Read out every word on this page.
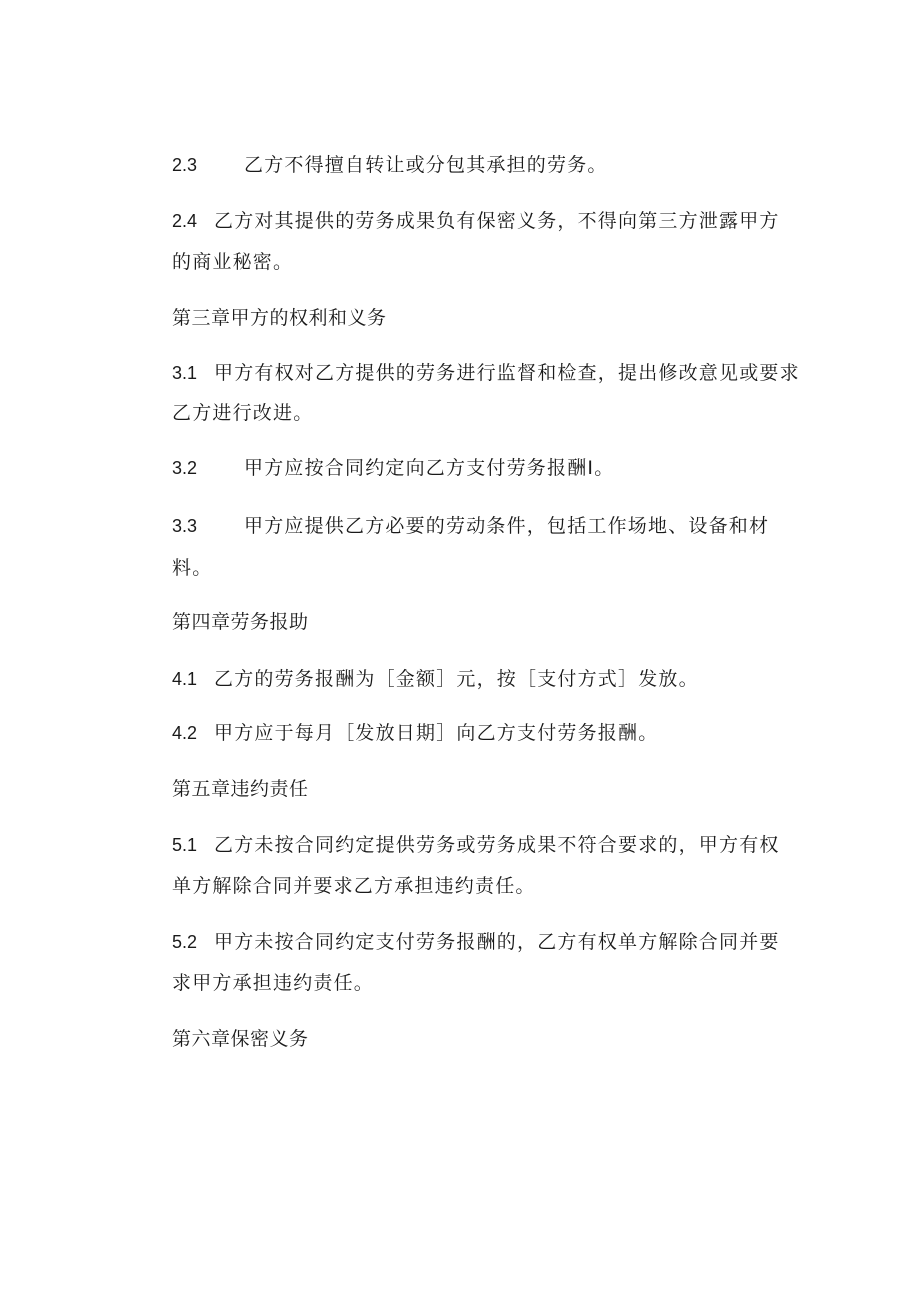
2.3 乙方不得擅自转让或分包其承担的劳务。
2.4 乙方对其提供的劳务成果负有保密义务，不得向第三方泄露甲方
的商业秘密。
第三章甲方的权利和义务
3.1 甲方有权对乙方提供的劳务进行监督和检查，提出修改意见或要求
乙方进行改进。
3.2 甲方应按合同约定向乙方支付劳务报酬I。
3.3 甲方应提供乙方必要的劳动条件，包括工作场地、设备和材
料。
第四章劳务报助
4.1 乙方的劳务报酬为［金额］元，按［支付方式］发放。
4.2 甲方应于每月［发放日期］向乙方支付劳务报酬。
第五章违约责任
5.1 乙方未按合同约定提供劳务或劳务成果不符合要求的，甲方有权
单方解除合同并要求乙方承担违约责任。
5.2 甲方未按合同约定支付劳务报酬的，乙方有权单方解除合同并要
求甲方承担违约责任。
第六章保密义务
